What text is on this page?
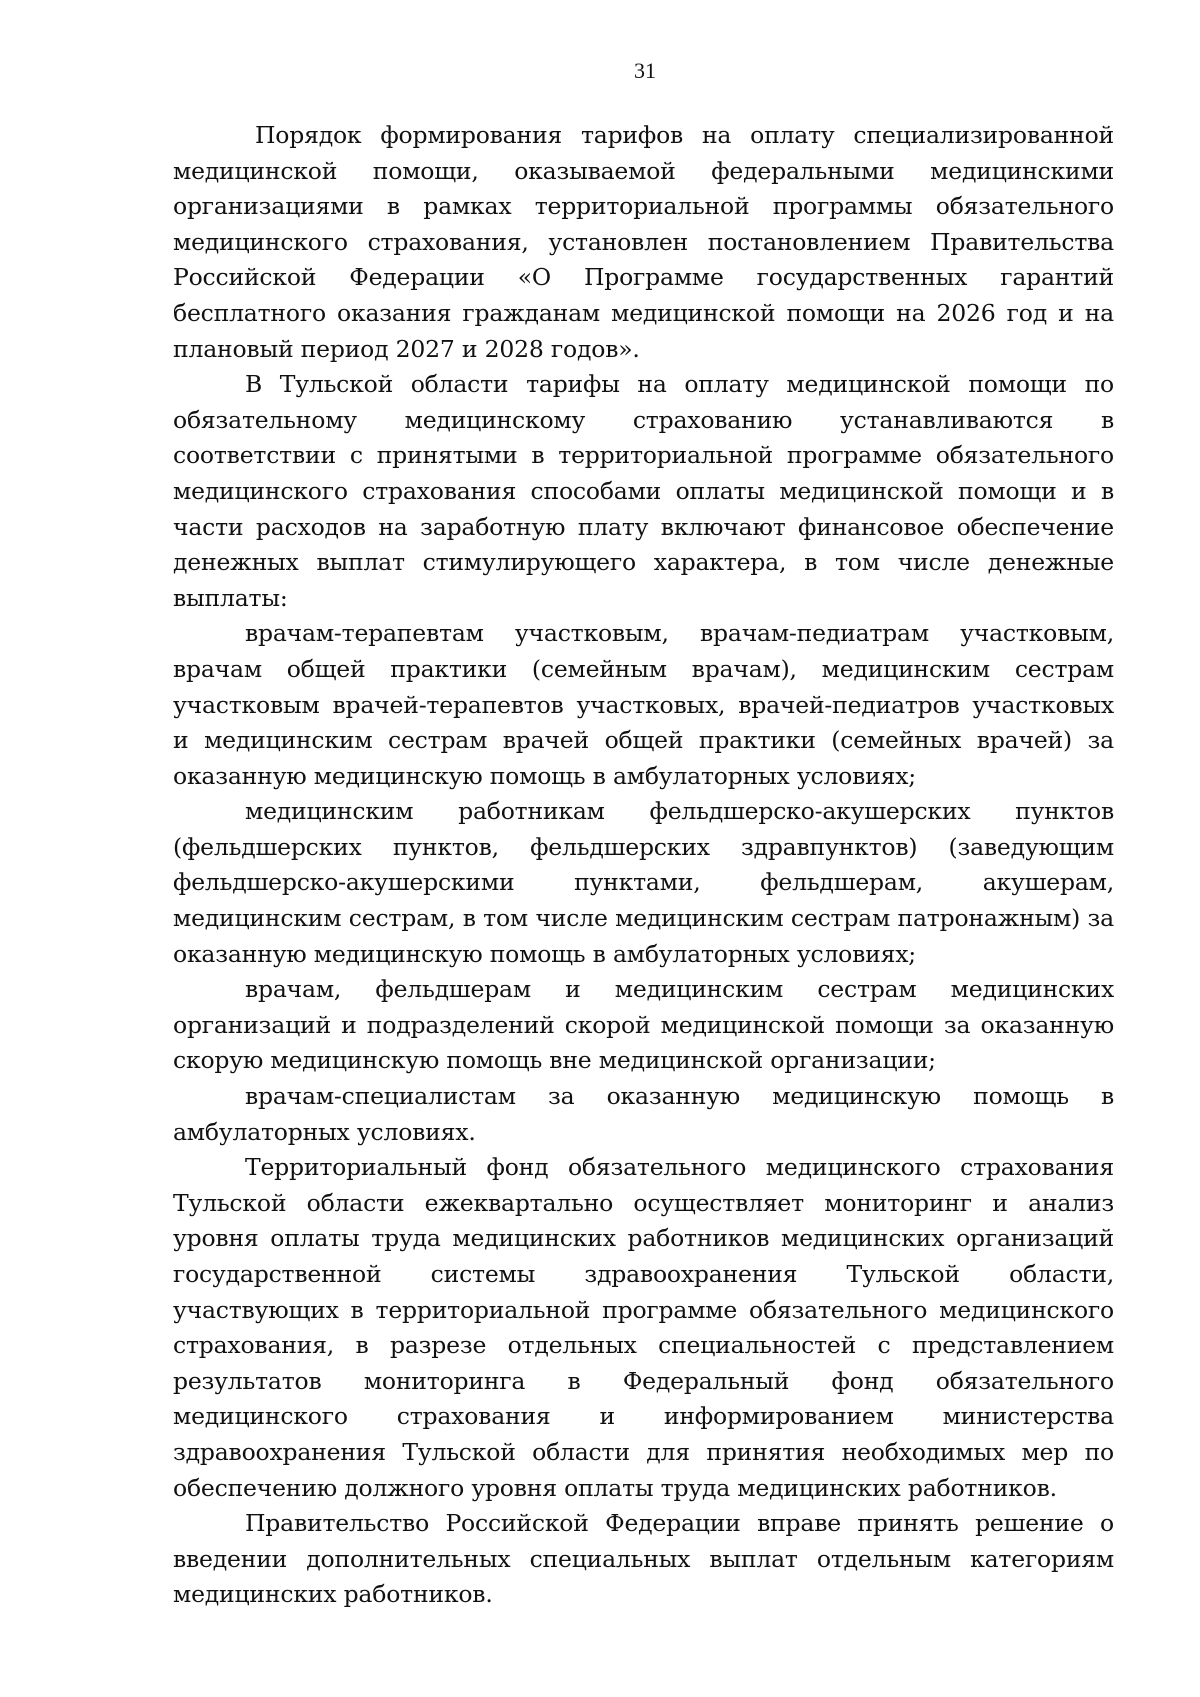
31

Порядок формирования тарифов на оплату специализированной медицинской помощи, оказываемой федеральными медицинскими организациями в рамках территориальной программы обязательного медицинского страхования, установлен постановлением Правительства Российской Федерации «О Программе государственных гарантий бесплатного оказания гражданам медицинской помощи на 2026 год и на плановый период 2027 и 2028 годов».

В Тульской области тарифы на оплату медицинской помощи по обязательному медицинскому страхованию устанавливаются в соответствии с принятыми в территориальной программе обязательного медицинского страхования способами оплаты медицинской помощи и в части расходов на заработную плату включают финансовое обеспечение денежных выплат стимулирующего характера, в том числе денежные выплаты:

врачам-терапевтам участковым, врачам-педиатрам участковым, врачам общей практики (семейным врачам), медицинским сестрам участковым врачей-терапевтов участковых, врачей-педиатров участковых и медицинским сестрам врачей общей практики (семейных врачей) за оказанную медицинскую помощь в амбулаторных условиях;

медицинским работникам фельдшерско-акушерских пунктов (фельдшерских пунктов, фельдшерских здравпунктов) (заведующим фельдшерско-акушерскими пунктами, фельдшерам, акушерам, медицинским сестрам, в том числе медицинским сестрам патронажным) за оказанную медицинскую помощь в амбулаторных условиях;

врачам, фельдшерам и медицинским сестрам медицинских организаций и подразделений скорой медицинской помощи за оказанную скорую медицинскую помощь вне медицинской организации;

врачам-специалистам за оказанную медицинскую помощь в амбулаторных условиях.

Территориальный фонд обязательного медицинского страхования Тульской области ежеквартально осуществляет мониторинг и анализ уровня оплаты труда медицинских работников медицинских организаций государственной системы здравоохранения Тульской области, участвующих в территориальной программе обязательного медицинского страхования, в разрезе отдельных специальностей с представлением результатов мониторинга в Федеральный фонд обязательного медицинского страхования и информированием министерства здравоохранения Тульской области для принятия необходимых мер по обеспечению должного уровня оплаты труда медицинских работников.

Правительство Российской Федерации вправе принять решение о введении дополнительных специальных выплат отдельным категориям медицинских работников.
